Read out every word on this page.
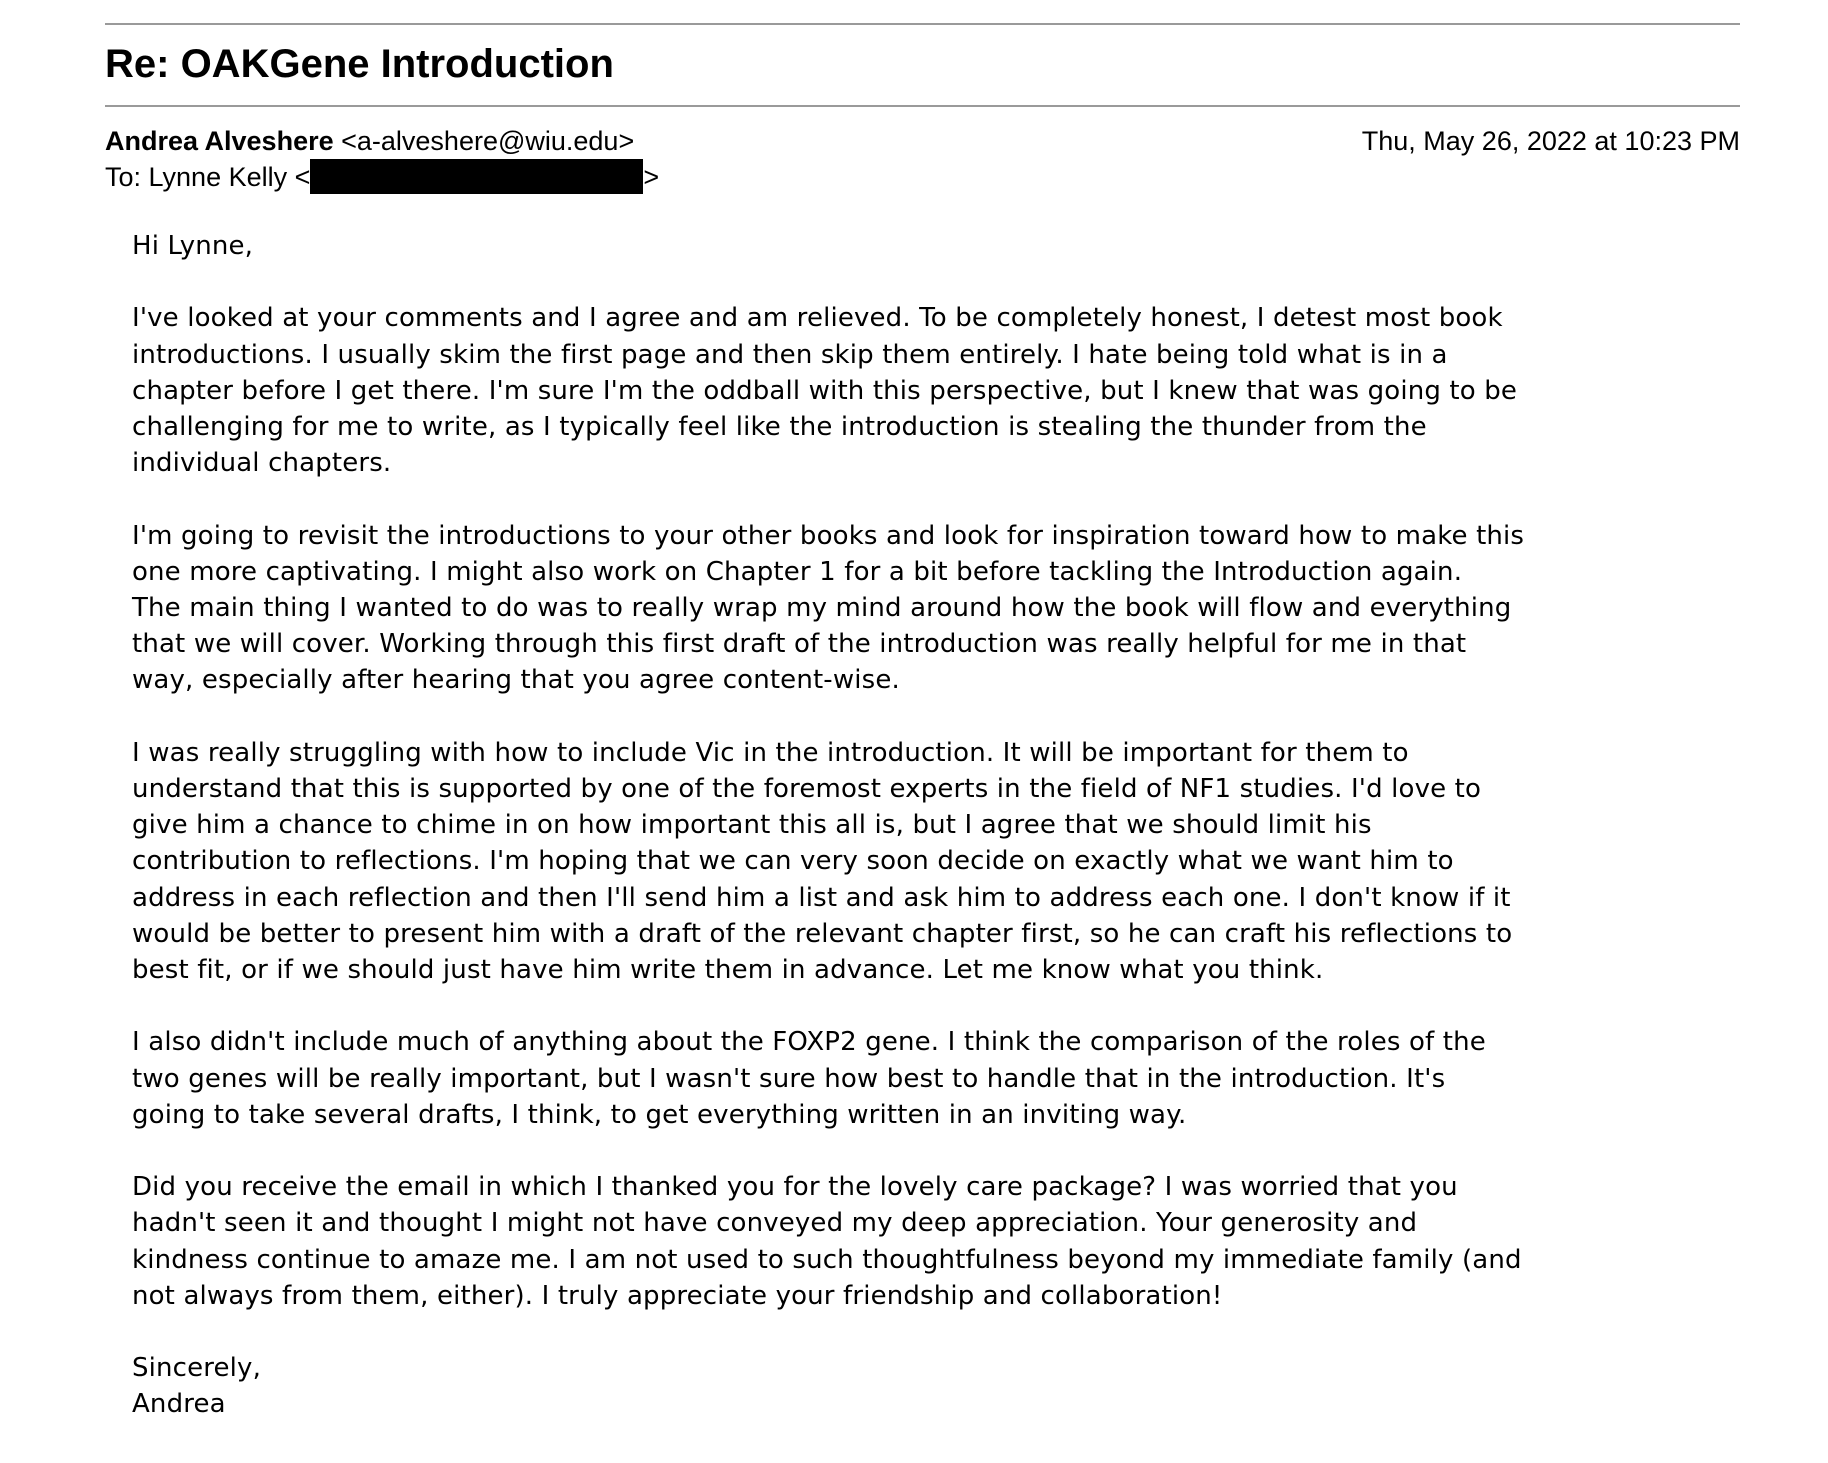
Re: OAKGene Introduction
Andrea Alveshere <a-alveshere@wiu.edu>	Thu, May 26, 2022 at 10:23 PM
To: Lynne Kelly <	>

Hi Lynne,

I've looked at your comments and I agree and am relieved. To be completely honest, I detest most book
introductions. I usually skim the first page and then skip them entirely. I hate being told what is in a
chapter before I get there. I'm sure I'm the oddball with this perspective, but I knew that was going to be
challenging for me to write, as I typically feel like the introduction is stealing the thunder from the
individual chapters.

I'm going to revisit the introductions to your other books and look for inspiration toward how to make this
one more captivating. I might also work on Chapter 1 for a bit before tackling the Introduction again.
The main thing I wanted to do was to really wrap my mind around how the book will flow and everything
that we will cover. Working through this first draft of the introduction was really helpful for me in that
way, especially after hearing that you agree content-wise.

I was really struggling with how to include Vic in the introduction. It will be important for them to
understand that this is supported by one of the foremost experts in the field of NF1 studies. I'd love to
give him a chance to chime in on how important this all is, but I agree that we should limit his
contribution to reflections. I'm hoping that we can very soon decide on exactly what we want him to
address in each reflection and then I'll send him a list and ask him to address each one. I don't know if it
would be better to present him with a draft of the relevant chapter first, so he can craft his reflections to
best fit, or if we should just have him write them in advance. Let me know what you think.

I also didn't include much of anything about the FOXP2 gene. I think the comparison of the roles of the
two genes will be really important, but I wasn't sure how best to handle that in the introduction. It's
going to take several drafts, I think, to get everything written in an inviting way.

Did you receive the email in which I thanked you for the lovely care package? I was worried that you
hadn't seen it and thought I might not have conveyed my deep appreciation. Your generosity and
kindness continue to amaze me. I am not used to such thoughtfulness beyond my immediate family (and
not always from them, either). I truly appreciate your friendship and collaboration!

Sincerely,
Andrea
